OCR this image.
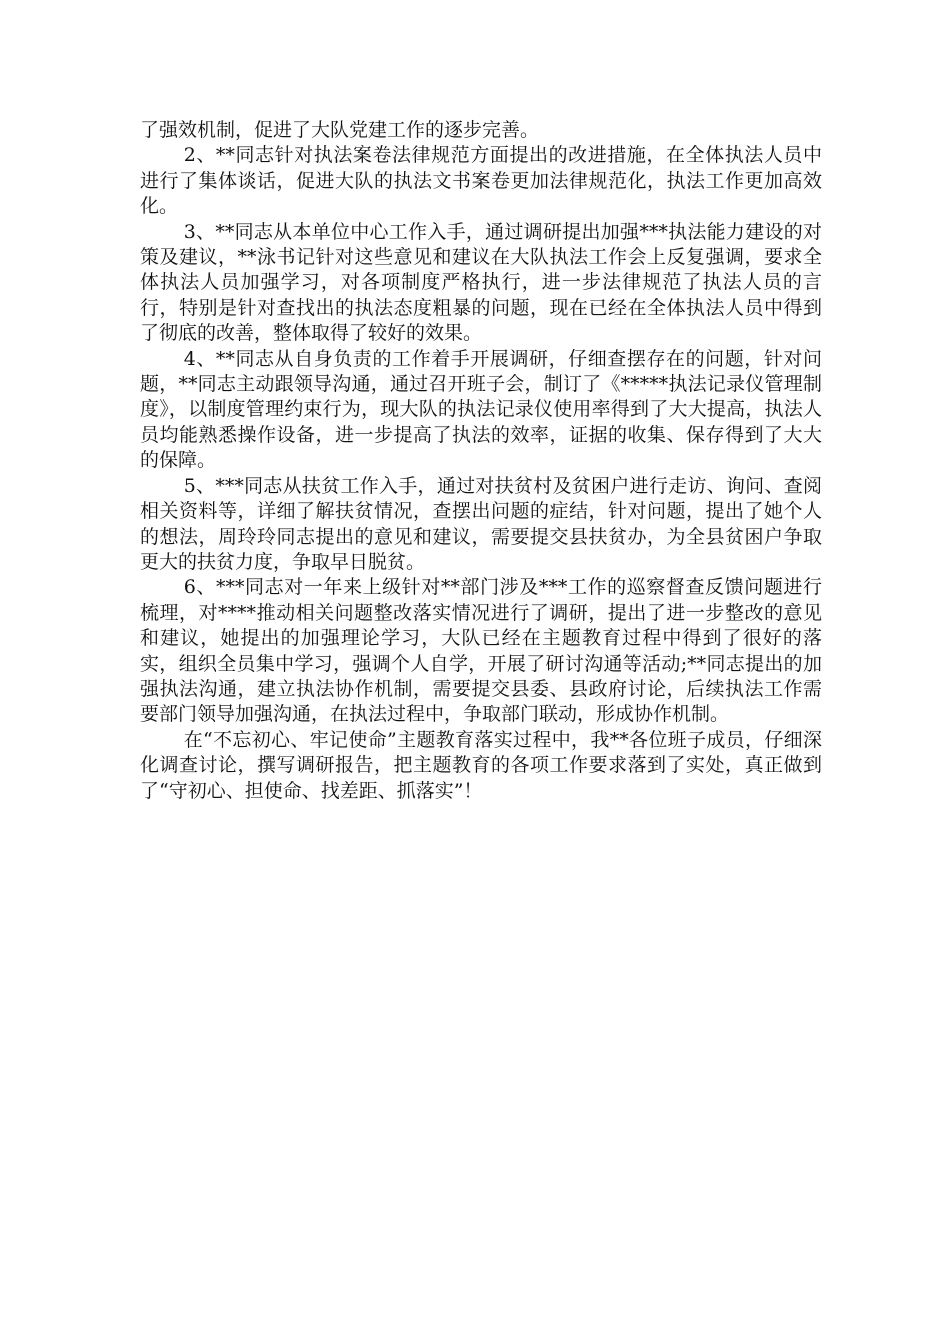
了强效机制，促进了大队党建工作的逐步完善。

2、**同志针对执法案卷法律规范方面提出的改进措施，在全体执法人员中进行了集体谈话，促进大队的执法文书案卷更加法律规范化，执法工作更加高效化。

3、**同志从本单位中心工作入手，通过调研提出加强***执法能力建设的对策及建议，**泳书记针对这些意见和建议在大队执法工作会上反复强调，要求全体执法人员加强学习，对各项制度严格执行，进一步法律规范了执法人员的言行，特别是针对查找出的执法态度粗暴的问题，现在已经在全体执法人员中得到了彻底的改善，整体取得了较好的效果。

4、**同志从自身负责的工作着手开展调研，仔细查摆存在的问题，针对问题，**同志主动跟领导沟通，通过召开班子会，制订了《*****执法记录仪管理制度》，以制度管理约束行为，现大队的执法记录仪使用率得到了大大提高，执法人员均能熟悉操作设备，进一步提高了执法的效率，证据的收集、保存得到了大大的保障。

5、***同志从扶贫工作入手，通过对扶贫村及贫困户进行走访、询问、查阅相关资料等，详细了解扶贫情况，查摆出问题的症结，针对问题，提出了她个人的想法，周玲玲同志提出的意见和建议，需要提交县扶贫办，为全县贫困户争取更大的扶贫力度，争取早日脱贫。

6、***同志对一年来上级针对**部门涉及***工作的巡察督查反馈问题进行梳理，对****推动相关问题整改落实情况进行了调研，提出了进一步整改的意见和建议，她提出的加强理论学习，大队已经在主题教育过程中得到了很好的落实，组织全员集中学习，强调个人自学，开展了研讨沟通等活动;**同志提出的加强执法沟通，建立执法协作机制，需要提交县委、县政府讨论，后续执法工作需要部门领导加强沟通，在执法过程中，争取部门联动，形成协作机制。

在“不忘初心、牢记使命”主题教育落实过程中，我**各位班子成员，仔细深化调查讨论，撰写调研报告，把主题教育的各项工作要求落到了实处，真正做到了“守初心、担使命、找差距、抓落实”！
